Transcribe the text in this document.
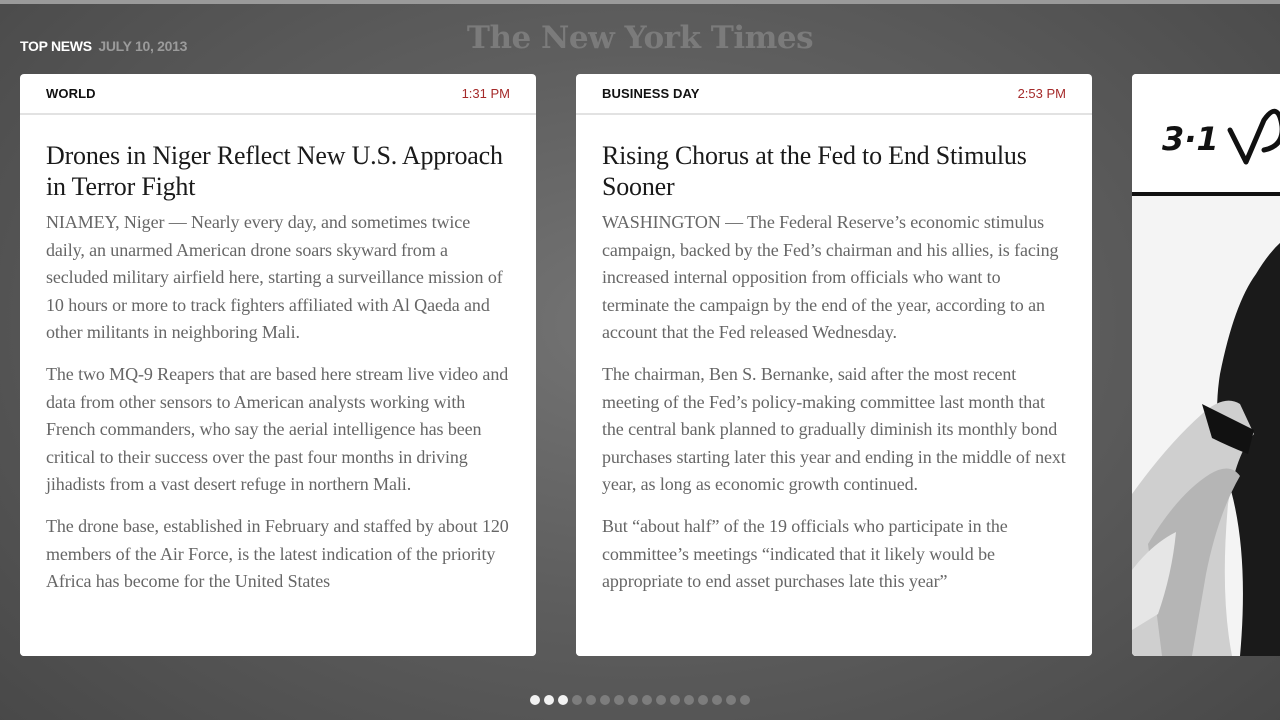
TOP NEWS JULY 10, 2013	The New York Times
WORLD	1:31 PM
Drones in Niger Reflect New U.S. Approach in Terror Fight

NIAMEY, Niger — Nearly every day, and sometimes twice daily, an unarmed American drone soars skyward from a secluded military airfield here, starting a surveillance mission of 10 hours or more to track fighters affiliated with Al Qaeda and other militants in neighboring Mali.

The two MQ-9 Reapers that are based here stream live video and data from other sensors to American analysts working with French commanders, who say the aerial intelligence has been critical to their success over the past four months in driving jihadists from a vast desert refuge in northern Mali.

The drone base, established in February and staffed by about 120 members of the Air Force, is the latest indication of the priority Africa has become for the United States

BUSINESS DAY	2:53 PM
Rising Chorus at the Fed to End Stimulus Sooner

WASHINGTON — The Federal Reserve’s economic stimulus campaign, backed by the Fed’s chairman and his allies, is facing increased internal opposition from officials who want to terminate the campaign by the end of the year, according to an account that the Fed released Wednesday.

The chairman, Ben S. Bernanke, said after the most recent meeting of the Fed’s policy-making committee last month that the central bank planned to gradually diminish its monthly bond purchases starting later this year and ending in the middle of next year, as long as economic growth continued.

But “about half” of the 19 officials who participate in the committee’s meetings “indicated that it likely would be appropriate to end asset purchases late this year”

3·1
